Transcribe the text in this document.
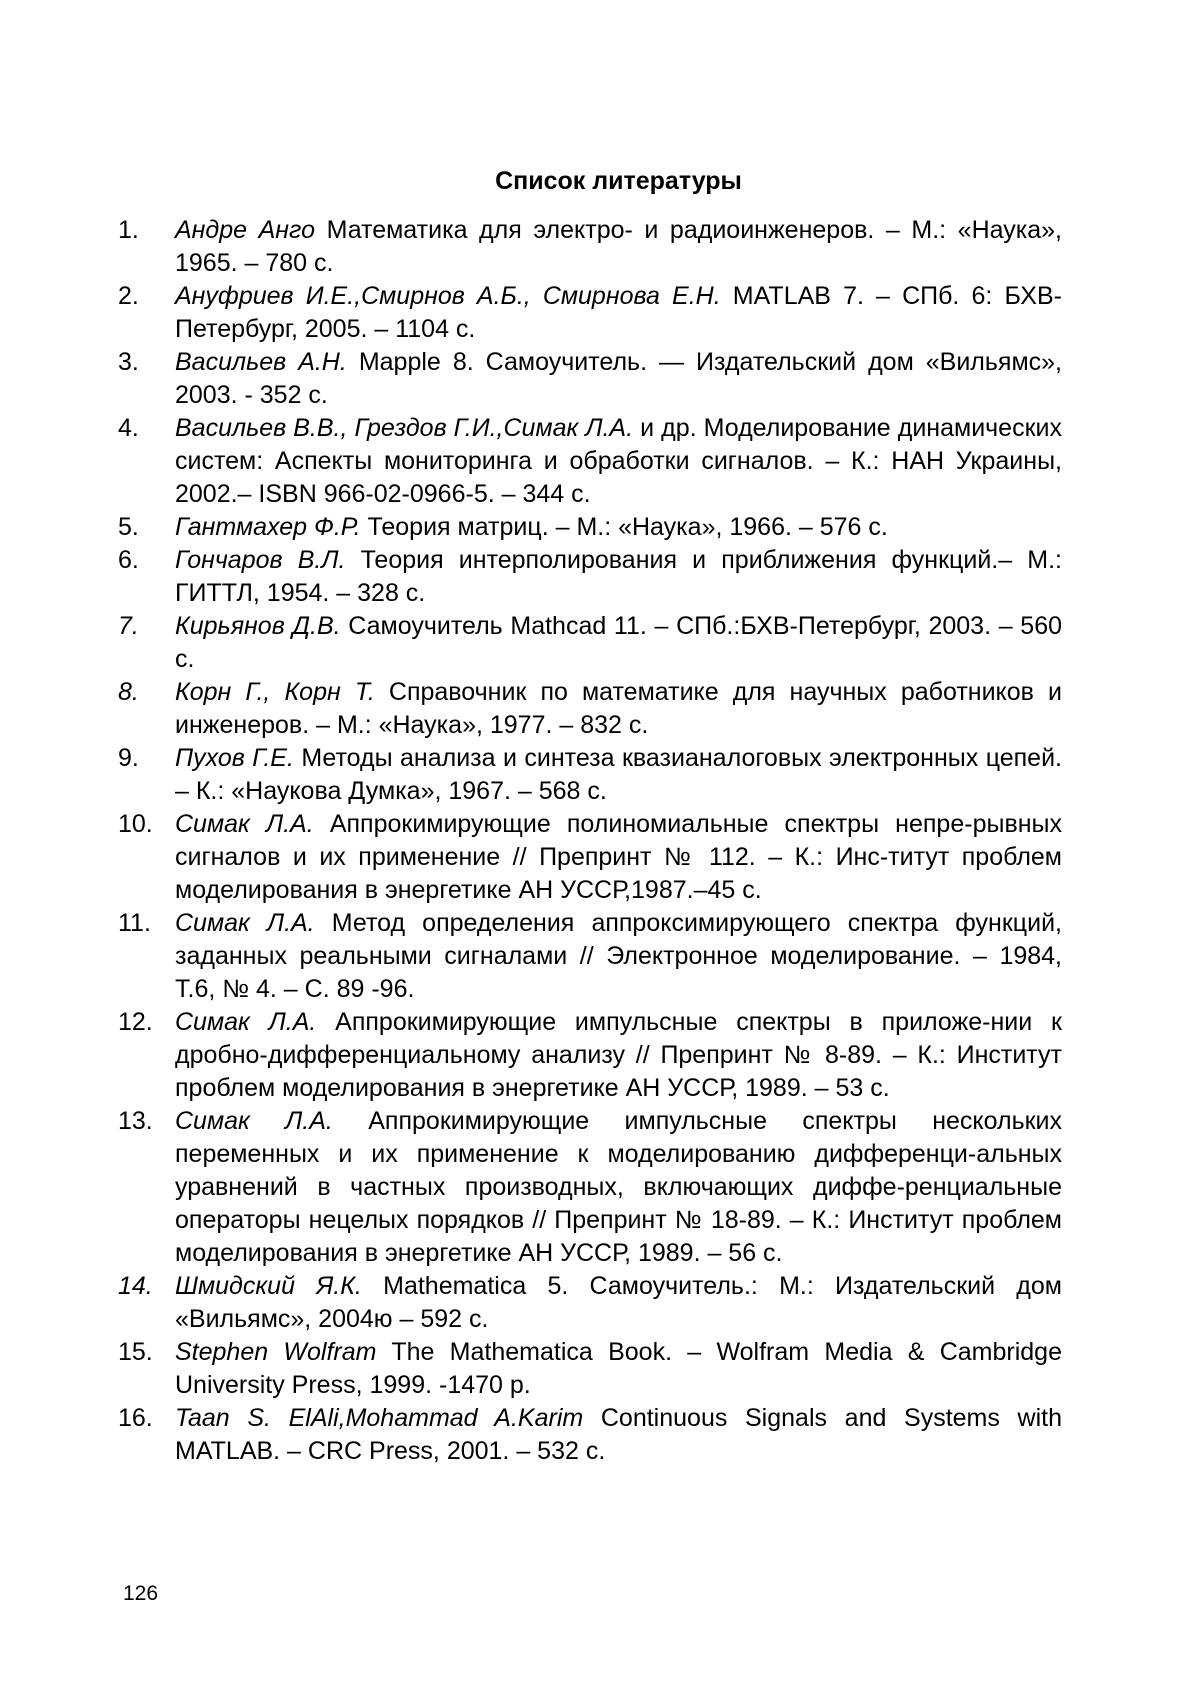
Список литературы
1. Андре Анго Математика для электро- и радиоинженеров. – М.: «Наука», 1965. – 780 с.
2. Ануфриев И.Е.,Смирнов А.Б., Смирнова Е.Н. MATLAB 7. – СПб. 6: БХВ-Петербург, 2005. – 1104 с.
3. Васильев А.Н. Mapple 8. Самоучитель. — Издательский дом «Вильямс», 2003. - 352 с.
4. Васильев В.В., Грездов Г.И.,Симак Л.А. и др. Моделирование динамических систем: Аспекты мониторинга и обработки сигналов. – К.: НАН Украины, 2002.– ISBN 966-02-0966-5. – 344 с.
5. Гантмахер Ф.Р. Теория матриц. – М.: «Наука», 1966. – 576 с.
6. Гончаров В.Л. Теория интерполирования и приближения функций.– М.: ГИТТЛ, 1954. – 328 с.
7. Кирьянов Д.В. Самоучитель Mathcad 11. – СПб.:БХВ-Петербург, 2003. – 560 с.
8. Корн Г., Корн Т. Справочник по математике для научных работников и инженеров. – М.: «Наука», 1977. – 832 с.
9. Пухов Г.Е. Методы анализа и синтеза квазианалоговых электронных цепей. – К.: «Наукова Думка», 1967. – 568 с.
10. Симак Л.А. Аппрокимирующие полиномиальные спектры непре-рывных сигналов и их применение // Препринт № 112. – К.: Инс-титут проблем моделирования в энергетике АН УССР,1987.–45 с.
11. Симак Л.А. Метод определения аппроксимирующего спектра функций, заданных реальными сигналами // Электронное моделирование. – 1984, Т.6, № 4. – С. 89 -96.
12. Симак Л.А. Аппрокимирующие импульсные спектры в приложе-нии к дробно-дифференциальному анализу // Препринт № 8-89. – К.: Институт проблем моделирования в энергетике АН УССР, 1989. – 53 с.
13. Симак Л.А. Аппрокимирующие импульсные спектры нескольких переменных и их применение к моделированию дифференци-альных уравнений в частных производных, включающих диффе-ренциальные операторы нецелых порядков // Препринт № 18-89. – К.: Институт проблем моделирования в энергетике АН УССР, 1989. – 56 с.
14. Шмидский Я.К. Mathematica 5. Самоучитель.: М.: Издательский дом «Вильямс», 2004ю – 592 с.
15. Stephen Wolfram The Mathematica Book. – Wolfram Media & Cambridge University Press, 1999. -1470 p.
16. Taan S. ElAli,Mohammad A.Karim Continuous Signals and Systems with MATLAB. – CRC Press, 2001. – 532 с.
126
